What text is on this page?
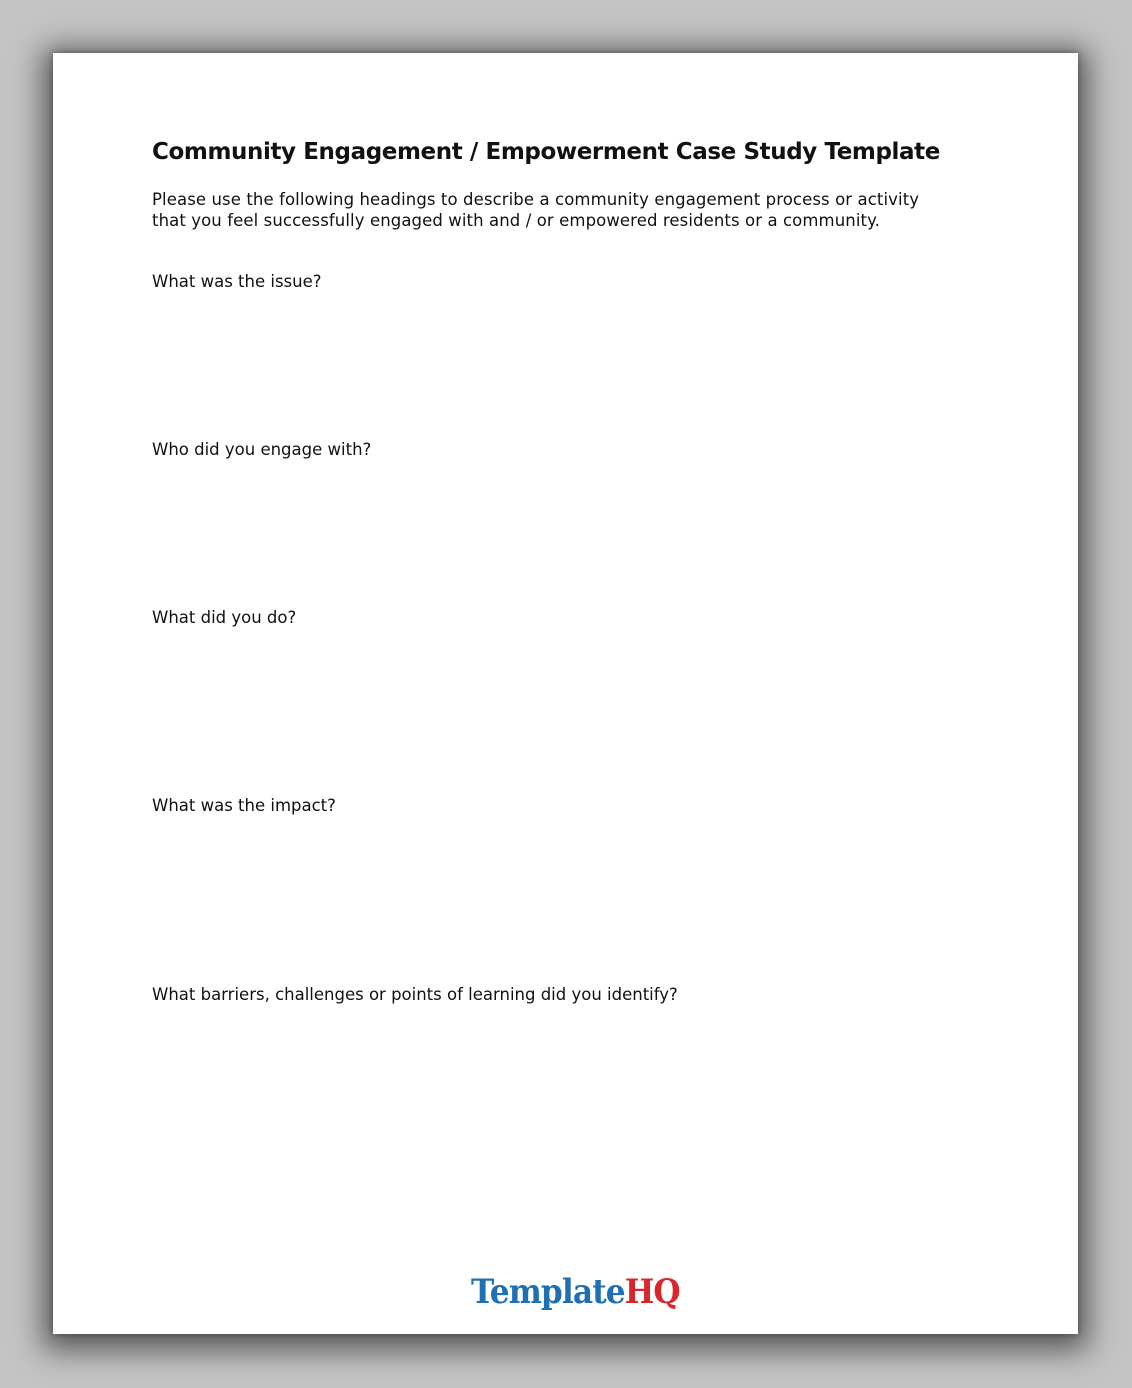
Community Engagement / Empowerment Case Study Template

Please use the following headings to describe a community engagement process or activity that you feel successfully engaged with and / or empowered residents or a community.

What was the issue?

Who did you engage with?

What did you do?

What was the impact?

What barriers, challenges or points of learning did you identify?

TemplateHQ
